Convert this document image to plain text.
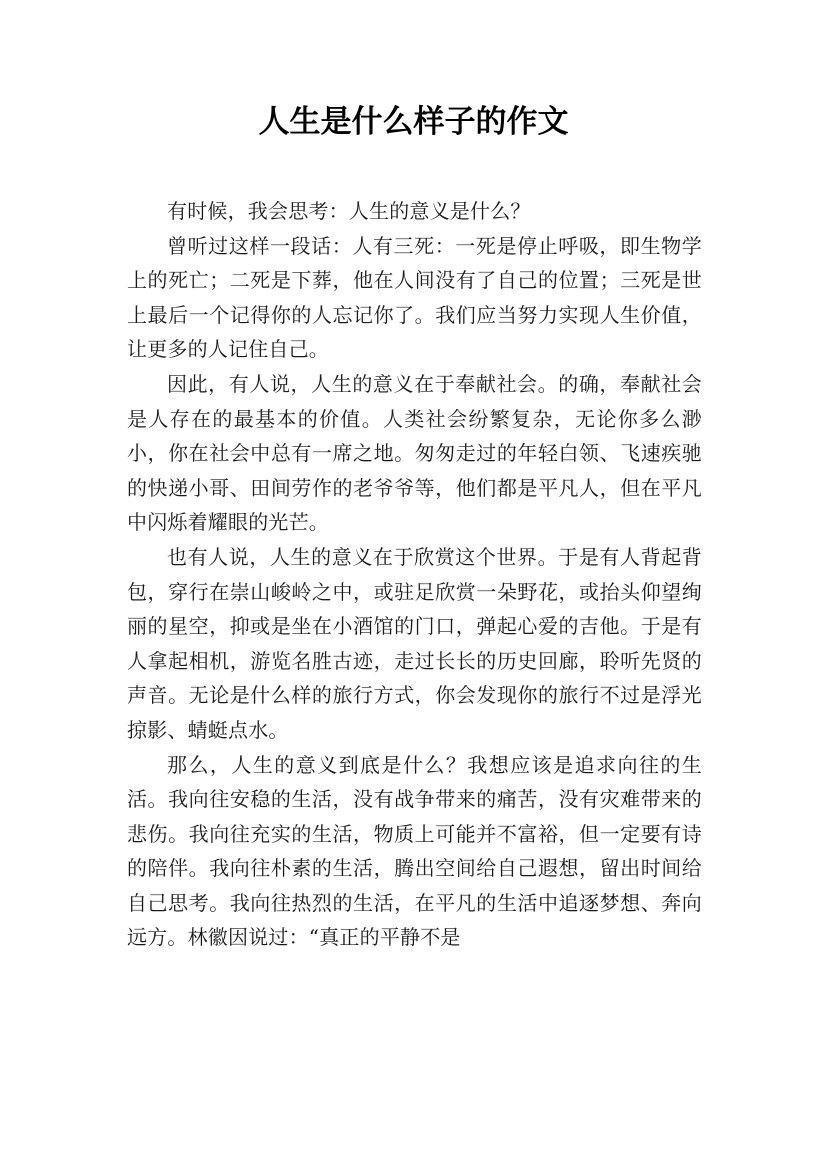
人生是什么样子的作文

有时候，我会思考：人生的意义是什么？

曾听过这样一段话：人有三死：一死是停止呼吸，即生物学上的死亡；二死是下葬，他在人间没有了自己的位置；三死是世上最后一个记得你的人忘记你了。我们应当努力实现人生价值，让更多的人记住自己。

因此，有人说，人生的意义在于奉献社会。的确，奉献社会是人存在的最基本的价值。人类社会纷繁复杂，无论你多么渺小，你在社会中总有一席之地。匆匆走过的年轻白领、飞速疾驰的快递小哥、田间劳作的老爷爷等，他们都是平凡人，但在平凡中闪烁着耀眼的光芒。

也有人说，人生的意义在于欣赏这个世界。于是有人背起背包，穿行在崇山峻岭之中，或驻足欣赏一朵野花，或抬头仰望绚丽的星空，抑或是坐在小酒馆的门口，弹起心爱的吉他。于是有人拿起相机，游览名胜古迹，走过长长的历史回廊，聆听先贤的声音。无论是什么样的旅行方式，你会发现你的旅行不过是浮光掠影、蜻蜓点水。

那么，人生的意义到底是什么？我想应该是追求向往的生活。我向往安稳的生活，没有战争带来的痛苦，没有灾难带来的悲伤。我向往充实的生活，物质上可能并不富裕，但一定要有诗的陪伴。我向往朴素的生活，腾出空间给自己遐想，留出时间给自己思考。我向往热烈的生活，在平凡的生活中追逐梦想、奔向远方。林徽因说过：“真正的平静不是
